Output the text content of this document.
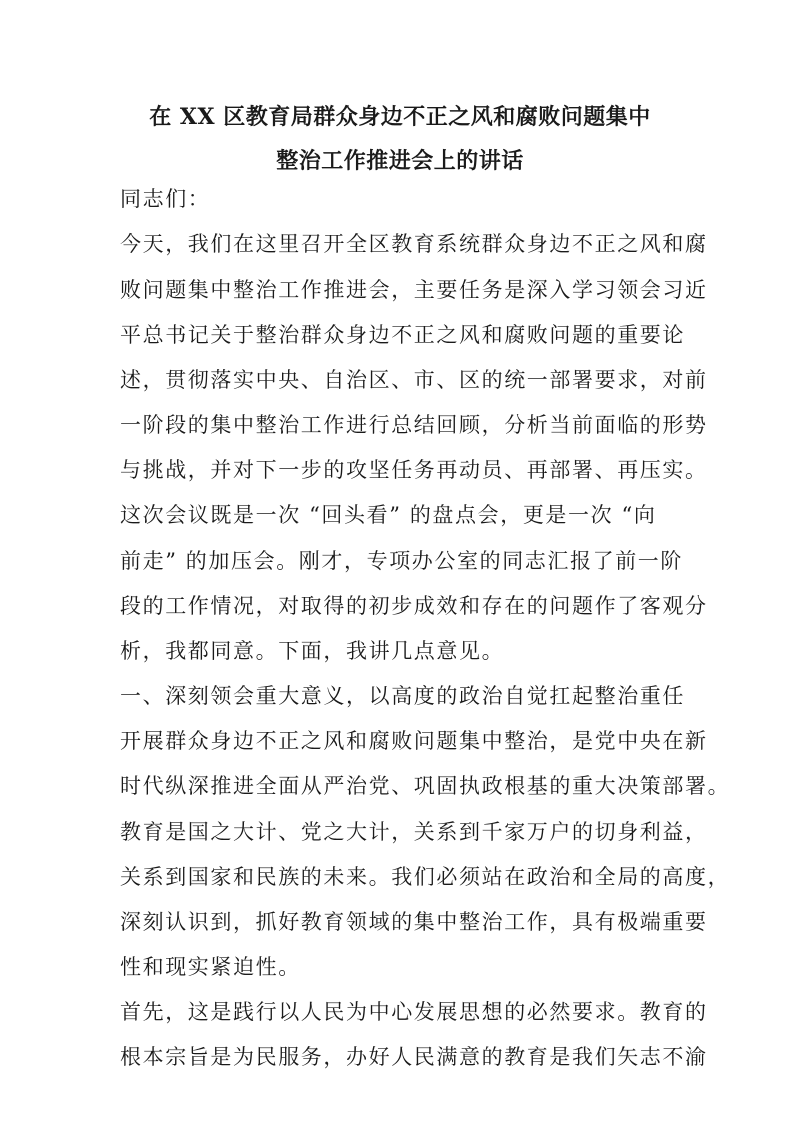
在 XX 区教育局群众身边不正之风和腐败问题集中
整治工作推进会上的讲话
同志们：
今天，我们在这里召开全区教育系统群众身边不正之风和腐
败问题集中整治工作推进会，主要任务是深入学习领会习近
平总书记关于整治群众身边不正之风和腐败问题的重要论
述，贯彻落实中央、自治区、市、区的统一部署要求，对前
一阶段的集中整治工作进行总结回顾，分析当前面临的形势
与挑战，并对下一步的攻坚任务再动员、再部署、再压实。
这次会议既是一次 “回头看” 的盘点会，更是一次 “向
前走” 的加压会。刚才，专项办公室的同志汇报了前一阶
段的工作情况，对取得的初步成效和存在的问题作了客观分
析，我都同意。下面，我讲几点意见。
一、深刻领会重大意义，以高度的政治自觉扛起整治重任
开展群众身边不正之风和腐败问题集中整治，是党中央在新
时代纵深推进全面从严治党、巩固执政根基的重大决策部署。
教育是国之大计、党之大计，关系到千家万户的切身利益，
关系到国家和民族的未来。我们必须站在政治和全局的高度，
深刻认识到，抓好教育领域的集中整治工作，具有极端重要
性和现实紧迫性。
首先，这是践行以人民为中心发展思想的必然要求。教育的
根本宗旨是为民服务，办好人民满意的教育是我们矢志不渝
